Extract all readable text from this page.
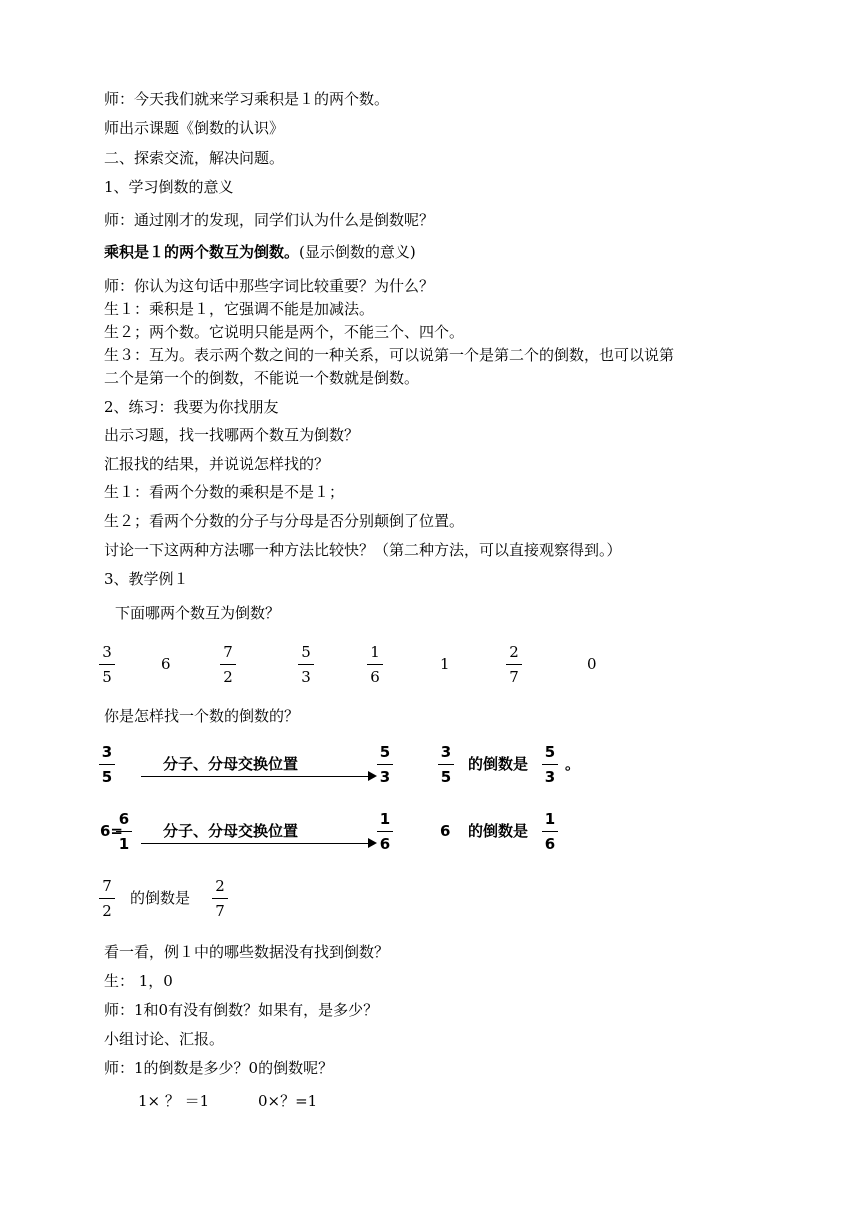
师：今天我们就来学习乘积是１的两个数。
师出示课题《倒数的认识》
二、探索交流，解决问题。
1、学习倒数的意义
师：通过刚才的发现，同学们认为什么是倒数呢？
乘积是１的两个数互为倒数。(显示倒数的意义)
师：你认为这句话中那些字词比较重要？为什么？
生１：乘积是１，它强调不能是加减法。
生２；两个数。它说明只能是两个，不能三个、四个。
生３：互为。表示两个数之间的一种关系，可以说第一个是第二个的倒数，也可以说第
二个是第一个的倒数，不能说一个数就是倒数。
2、练习：我要为你找朋友
出示习题，找一找哪两个数互为倒数？
汇报找的结果，并说说怎样找的？
生１：看两个分数的乘积是不是１；
生２；看两个分数的分子与分母是否分别颠倒了位置。
讨论一下这两种方法哪一种方法比较快？（第二种方法，可以直接观察得到。）
3、教学例１
下面哪两个数互为倒数？
3
5
6
7
2
5
3
1
6
1
2
7
0
你是怎样找一个数的倒数的？
3
5
分子、分母交换位置
5
3
3
5
的倒数是
5
3
。
6=
6
1
分子、分母交换位置
1
6
6 的倒数是
1
6
7
2
的倒数是
2
7
看一看，例１中的哪些数据没有找到倒数？
生： 1，0
师：1和0有没有倒数？如果有，是多少？
小组讨论、汇报。
师：1的倒数是多少？0的倒数呢？
1× ？ ＝1	0×？=1
